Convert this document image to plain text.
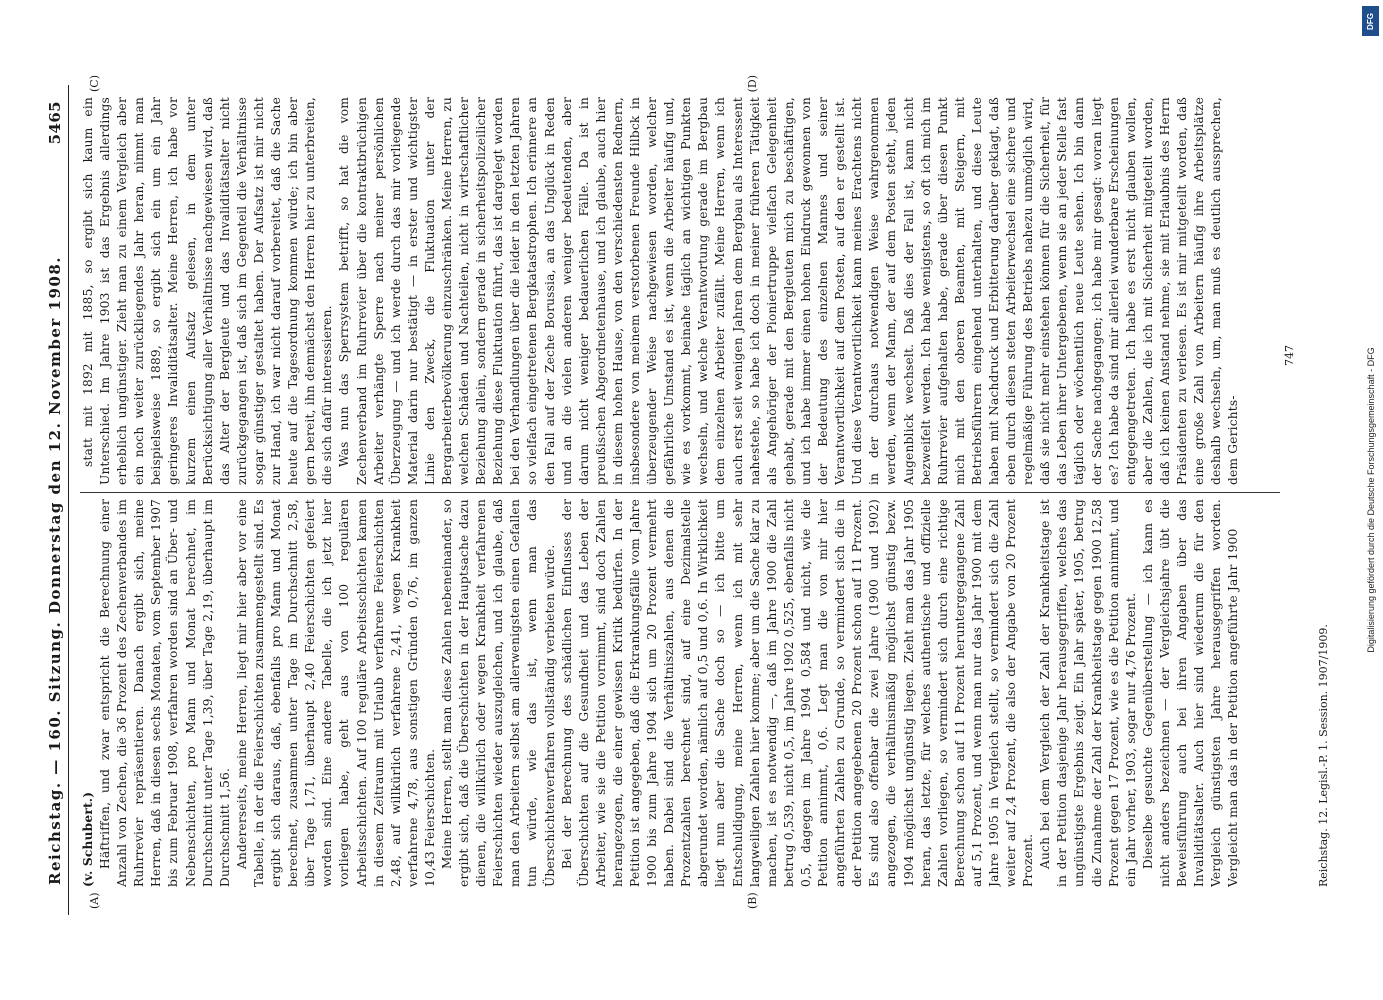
Reichstag. — 160. Sitzung. Donnerstag den 12. November 1908.
5465
(A)	(B)
(C)	(D)
(v. Schubert.) Häftriffen, und zwar entspricht die Berechnung einer Anzahl von Zechen, die 36 Prozent des Zechenverbandes im Ruhrrevier repräsentieren. Danach ergibt sich, meine Herren, daß in diesen sechs Monaten, vom September 1907 bis zum Februar 1908, verfahren worden sind an Über- und Nebenschichten, pro Mann und Monat berechnet, im Durchschnitt unter Tage 1,39, über Tage 2,19, überhaupt im Durchschnitt 1,56. Andererseits, meine Herren, liegt mir hier aber vor eine Tabelle, in der die Feierschichten zusammengestellt sind. Es ergibt sich daraus, daß, ebenfalls pro Mann und Monat berechnet, zusammen unter Tage im Durchschnitt 2,58, über Tage 1,71, überhaupt 2,40 Feierschichten gefeiert worden sind. Eine andere Tabelle, die ich jetzt hier vorliegen habe, geht aus von 100 regulären Arbeitsschichten. Auf 100 reguläre Arbeitsschichten kamen in diesem Zeitraum mit Urlaub verfahrene Feierschichten 2,48, auf willkürlich verfahrene 2,41, wegen Krankheit verfahrene 4,78, aus sonstigen Gründen 0,76, im ganzen 10,43 Feierschichten. Meine Herren, stellt man diese Zahlen nebeneinander, so ergibt sich, daß die Überschichten in der Hauptsache dazu dienen, die willkürlich oder wegen Krankheit verfahrenen Feierschichten wieder auszugleichen, und ich glaube, daß man den Arbeitern selbst am allerwenigsten einen Gefallen tun würde, wie das ist, wenn man das Überschichtenverfahren vollständig verbieten würde. Bei der Berechnung des schädlichen Einflusses der Überschichten auf die Gesundheit und das Leben der Arbeiter, wie sie die Petition vornimmt, sind doch Zahlen herangezogen, die einer gewissen Kritik bedürfen. In der Petition ist angegeben, daß die Erkrankungsfälle vom Jahre 1900 bis zum Jahre 1904 sich um 20 Prozent vermehrt haben. Dabei sind die Verhältniszahlen, aus denen die Prozentzahlen berechnet sind, auf eine Dezimalstelle abgerundet worden, nämlich auf 0,5 und 0,6. In Wirklichkeit liegt nun aber die Sache doch so — ich bitte um Entschuldigung, meine Herren, wenn ich mit sehr langweiligen Zahlen hier komme; aber um die Sache klar zu machen, ist es notwendig —, daß im Jahre 1900 die Zahl betrug 0,539, nicht 0,5, im Jahre 1902 0,525, ebenfalls nicht 0,5, dagegen im Jahre 1904 0,584 und nicht, wie die Petition annimmt, 0,6. Legt man die von mir hier angeführten Zahlen zu Grunde, so vermindert sich die in der Petition angegebenen 20 Prozent schon auf 11 Prozent. Es sind also offenbar die zwei Jahre (1900 und 1902) angezogen, die verhältnismäßig möglichst günstig bezw. 1904 möglichst ungünstig liegen. Zieht man das Jahr 1905 heran, das letzte, für welches authentische und offizielle Zahlen vorliegen, so vermindert sich durch eine richtige Berechnung schon auf 11 Prozent heruntergegangene Zahl auf 5,1 Prozent, und wenn man nur das Jahr 1900 mit dem Jahre 1905 in Vergleich stellt, so vermindert sich die Zahl weiter auf 2,4 Prozent, die also der Angabe von 20 Prozent Prozent. Auch bei dem Vergleich der Zahl der Krankheitstage ist in der Petition dasjenige Jahr herausgegriffen, welches das ungünstigste Ergebnis zeigt. Ein Jahr später, 1905, betrug die Zunahme der Zahl der Krankheitstage gegen 1900 12,58 Prozent gegen 17 Prozent, wie es die Petition annimmt, und ein Jahr vorher, 1903, sogar nur 4,76 Prozent. Dieselbe gesuchte Gegenüberstellung — ich kann es nicht anders bezeichnen — der Vergleichsjahre übt die Beweisführung auch bei ihren Angaben über das Invaliditätsalter. Auch hier sind wiederum die für den Vergleich günstigsten Jahre herausgegriffen worden. Vergleicht man das in der Petition angeführte Jahr 1900

statt mit 1892 mit 1885, so ergibt sich kaum ein Unterschied. Im Jahre 1903 ist das Ergebnis allerdings erheblich ungünstiger. Zieht man zu einem Vergleich aber ein noch weiter zurückliegendes Jahr heran, nimmt man beispielsweise 1889, so ergibt sich ein um ein Jahr geringeres Invaliditätsalter. Meine Herren, ich habe vor kurzem einen Aufsatz gelesen, in dem unter Berücksichtigung aller Verhältnisse nachgewiesen wird, daß das Alter der Bergleute und das Invaliditätsalter nicht zurückgegangen ist, daß sich im Gegenteil die Verhältnisse sogar günstiger gestaltet haben. Der Aufsatz ist mir nicht zur Hand, ich war nicht darauf vorbereitet, daß die Sache heute auf die Tagesordnung kommen würde; ich bin aber gern bereit, ihn demnächst den Herren hier zu unterbreiten, die sich dafür interessieren. Was nun das Sperrsystem betrifft, so hat die vom Zechenverband im Ruhrrevier über die kontraktbrüchigen Arbeiter verhängte Sperre nach meiner persönlichen Überzeugung — und ich werde durch das mir vorliegende Material darin nur bestätigt — in erster und wichtigster Linie den Zweck, die Fluktuation unter der Bergarbeiterbevölkerung einzuschränken. Meine Herren, zu welchen Schäden und Nachteilen, nicht in wirtschaftlicher Beziehung allein, sondern gerade in sicherheitspolizeilicher Beziehung diese Fluktuation führt, das ist dargelegt worden bei den Verhandlungen über die leider in den letzten Jahren so vielfach eingetretenen Bergkatastrophen. Ich erinnere an den Fall auf der Zeche Borussia, an das Unglück in Reden und an die vielen anderen weniger bedeutenden, aber darum nicht weniger bedauerlichen Fälle. Da ist in preußischen Abgeordnetenhause, und ich glaube, auch hier in diesem hohen Hause, von den verschiedensten Rednern, insbesondere von meinem verstorbenen Freunde Hilbck in überzeugender Weise nachgewiesen worden, welcher gefährliche Umstand es ist, wenn die Arbeiter häufig und, wie es vorkommt, beinahe täglich an wichtigen Punkten wechseln, und welche Verantwortung gerade im Bergbau dem einzelnen Arbeiter zufällt. Meine Herren, wenn ich auch erst seit wenigen Jahren dem Bergbau als Interessent nahestehe, so habe ich doch in meiner früheren Tätigkeit als Angehöriger der Pioniertruppe vielfach Gelegenheit gehabt, gerade mit den Bergleuten mich zu beschäftigen, und ich habe immer einen hohen Eindruck gewonnen von der Bedeutung des einzelnen Mannes und seiner Verantwortlichkeit auf dem Posten, auf den er gestellt ist. Und diese Verantwortlichkeit kann meines Erachtens nicht in der durchaus notwendigen Weise wahrgenommen werden, wenn der Mann, der auf dem Posten steht, jeden Augenblick wechselt. Daß dies der Fall ist, kann nicht bezweifelt werden. Ich habe wenigstens, so oft ich mich im Ruhrrevier aufgehalten habe, gerade über diesen Punkt mich mit den oberen Beamten, mit Steigern, mit Betriebsführern eingehend unterhalten, und diese Leute haben mit Nachdruck und Erbitterung darüber geklagt, daß eben durch diesen steten Arbeiterwechsel eine sichere und regelmäßige Führung des Betriebs nahezu unmöglich wird, daß sie nicht mehr einstehen können für die Sicherheit, für das Leben ihrer Untergebenen, wenn sie an jeder Stelle fast täglich oder wöchentlich neue Leute sehen. Ich bin dann der Sache nachgegangen; ich habe mir gesagt: woran liegt es? Ich habe da sind mir allerlei wunderbare Erscheinungen entgegengetreten. Ich habe es erst nicht glauben wollen, aber die Zahlen, die ich mit Sicherheit mitgeteilt worden, daß ich keinen Anstand nehme, sie mit Erlaubnis des Herrn Präsidenten zu verlesen. Es ist mir mitgeteilt worden, daß eine große Zahl von Arbeitern häufig ihre Arbeitsplätze deshalb wechseln, um, man muß es deutlich aussprechen, dem Gerichts-

747
Reichstag. 12. Legisl.-P. 1. Session. 1907/1909.
DFG
Digitalisierung gefördert durch die Deutsche Forschungsgemeinschaft - DFG
